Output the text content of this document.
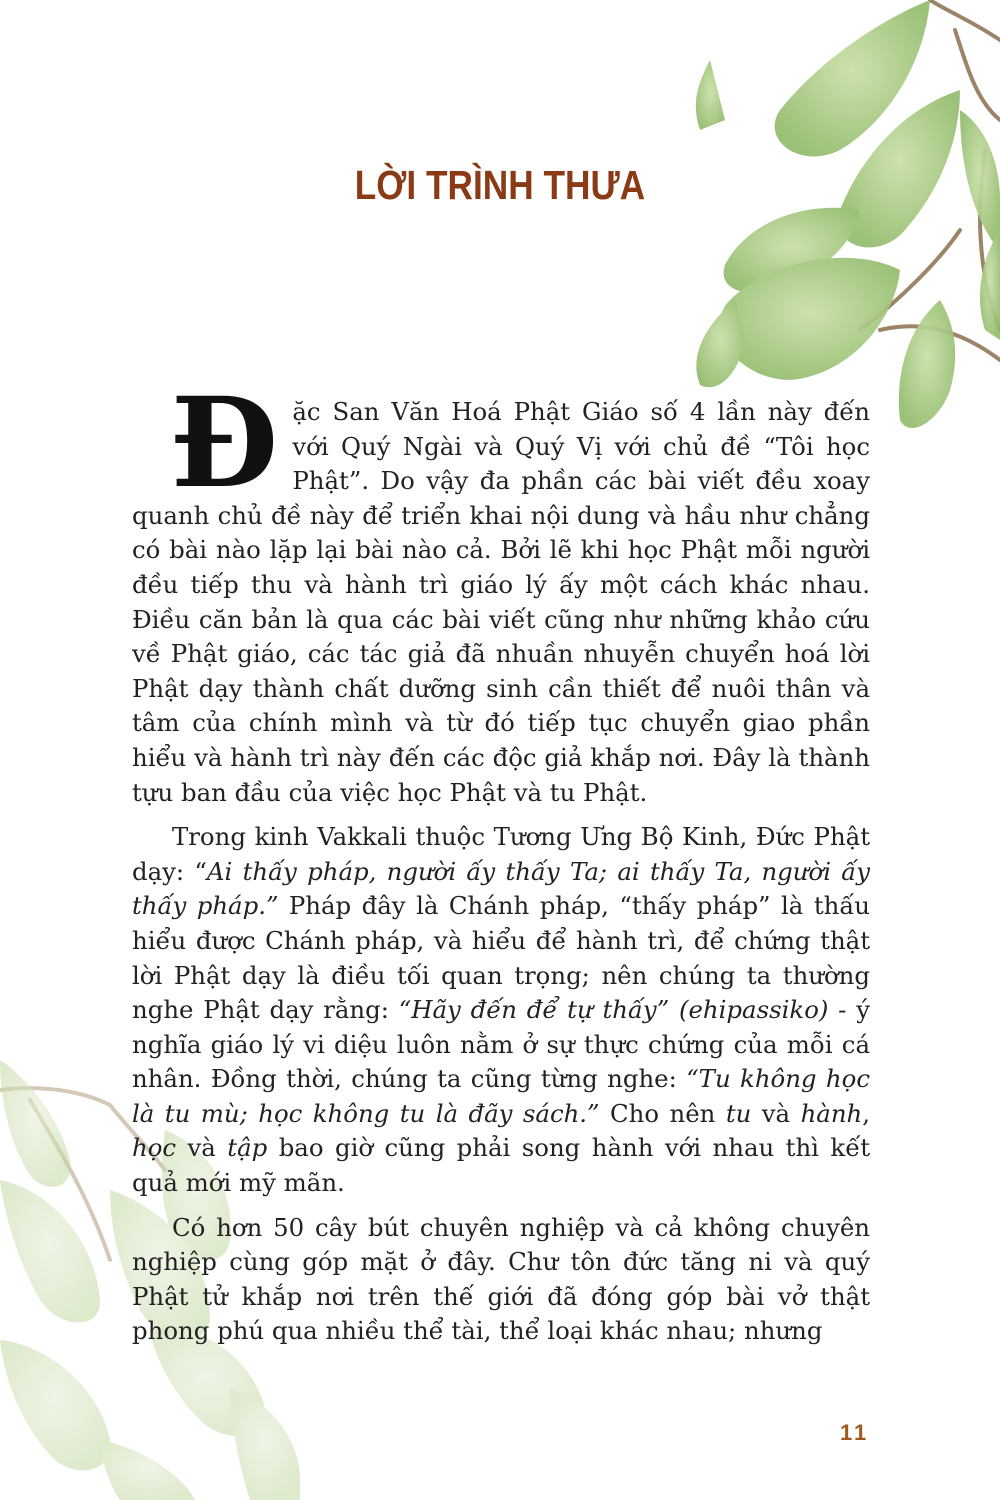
LỜI TRÌNH THƯA

Đặc San Văn Hoá Phật Giáo số 4 lần này đến với Quý Ngài và Quý Vị với chủ đề “Tôi học Phật”. Do vậy đa phần các bài viết đều xoay quanh chủ đề này để triển khai nội dung và hầu như chẳng có bài nào lặp lại bài nào cả. Bởi lẽ khi học Phật mỗi người đều tiếp thu và hành trì giáo lý ấy một cách khác nhau. Điều căn bản là qua các bài viết cũng như những khảo cứu về Phật giáo, các tác giả đã nhuần nhuyễn chuyển hoá lời Phật dạy thành chất dưỡng sinh cần thiết để nuôi thân và tâm của chính mình và từ đó tiếp tục chuyển giao phần hiểu và hành trì này đến các độc giả khắp nơi. Đây là thành tựu ban đầu của việc học Phật và tu Phật.

Trong kinh Vakkali thuộc Tương Ưng Bộ Kinh, Đức Phật dạy: “Ai thấy pháp, người ấy thấy Ta; ai thấy Ta, người ấy thấy pháp.” Pháp đây là Chánh pháp, “thấy pháp” là thấu hiểu được Chánh pháp, và hiểu để hành trì, để chứng thật lời Phật dạy là điều tối quan trọng; nên chúng ta thường nghe Phật dạy rằng: “Hãy đến để tự thấy” (ehipassiko) - ý nghĩa giáo lý vi diệu luôn nằm ở sự thực chứng của mỗi cá nhân. Đồng thời, chúng ta cũng từng nghe: “Tu không học là tu mù; học không tu là đãy sách.” Cho nên tu và hành, học và tập bao giờ cũng phải song hành với nhau thì kết quả mới mỹ mãn.

Có hơn 50 cây bút chuyên nghiệp và cả không chuyên nghiệp cùng góp mặt ở đây. Chư tôn đức tăng ni và quý Phật tử khắp nơi trên thế giới đã đóng góp bài vở thật phong phú qua nhiều thể tài, thể loại khác nhau; nhưng

11
